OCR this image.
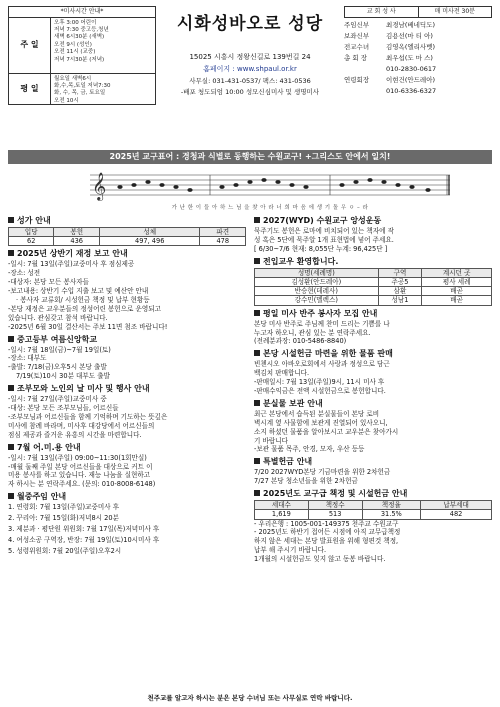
*미사시간 안내*
주 일
오후 3:00 어린이
저녁 7:30 중고등,청년
새벽 6시30분 (새벽)
오전 9시 (성인)
오전 11시 (교중)
저녁 7시30분 (저녁)
평 일
월요일 새벽6시
화,수,목,토일 저녁7:30
화, 수, 목, 금, 토요일
오전 10시
시화성바오로 성당
15025 시흥시 정왕신길로 139번길 24
홈페이지 : www.shpaul.or.kr
사무실: 031-431-0537/ 팩스: 431-0536
-배포 청도되엄 10:00 성모신심미사 및 생명미사
교 회 성 사	매 미사전 30분
주임신부	최경남(베네딕도)
보좌신부	김용선(마 티 아)
전교수녀	김영옥(엘리사벳)
총 회 장	최우섭(도 마 스)
010-2830-0617
연령회장	이현건(안드레아)
010-6336-6327
2025년 교구표어 : 경청과 식별로 동행하는 수원교구! +그리스도 안에서 일치!
𝄞
가 난 한 이 들 아 하 느 님 을 찾 아 라 너 희 마 음 에 생 기 돌 우 ㅇ – 라
성가 안내
입당	봉헌	성체	파견
62	436	497, 496	478
2025년 상반기 재정 보고 안내
-일시: 7월 13일(주일)교중미사 후 점심제공
-장소: 성전
-대상자: 본당 모든 봉사자들
-보고내용: 상반기 수입 지출 보고 및 예산안 안내
· 봉사자 교류회/ 시성헌금 책정 및 납부 현황등
-본당 재정은 교우분들의 정성어린 봉헌으로 운영되고
있습니다. 관심갖고 참석 바랍니다.
-2025년 6월 30일 결산서는 주보 11면 첨조 바랍니다!
중고등부 여름신앙학교
-일시: 7월 18일(금)~7월 19일(토)
-장소: 대부도
-출발: 7/18(금)오후5시 본당 출발
7/19(토)10시 30분 대부도 출발
조부모와 노인의 날 미사 및 행사 안내
-일시: 7월 27일(주일)교중미사 중
-대상: 본당 모든 조부모님들, 어르신들
-조부모님과 어르신들을 함께 기억하며 기도하는 뜻깊은
미사에 참례 바라며, 미사후 대강당에서 어르신들의
점심 제공과 즐거운 유흥의 시간을 마련합니다.
7월 어.미.용 안내
-일시: 7월 13일(주일) 09:00~11:30(1회만실)
-매월 둘째 주일 본당 어르신들을 대상으로 커트 이
미용 봉사를 하고 있습니다. 재능 나눔을 실현하고
자 하시는 분 연락주세요. (문의: 010-8008-6148)
월중주임 안내
1. 연령회: 7월 13일(주일)교중미사 후
2. 꾸리아: 7월 15일(화)저녁8시 20분
3. 제분과 · 평단원 위원회: 7월 17일(목)저녁미사 후
4. 여성소공 구역장, 반장: 7월 19일(토)10시미사 후
5. 성령위원회: 7월 20일(주일)오후2시
2027(WYD) 수원교구 앙성운동
묵주기도 봉헌은 로마에 비치되어 있는 책자에 작
성 혹은 5단에 묵주알 1개 표현법에 넣어 주세요.
[ 6/30~7/6 현재: 8,055단 누계: 96,425단 ]
전입교우 환영합니다.
성명(세례명)	구역	계시던 곳
김성환(안드레아)	주공5	평사 세례
반승현(데레사)	삼환	배곧
강수민(멜렉스)	성남1	배곧
평일 미사 반주 봉사자 모집 안내
본당 미사 반주로 주님께 찬미 드리는 기쁨를 나
누고자 하오니, 관심 있는 분 연락주세요.
(전례분과장: 010-5486-8840)
본당 시설헌금 마련을 위한 물품 판매
빈첸시오 아바오로회에서 사랑과 정성으로 담근
백김치 판매합니다.
-판매일시: 7월 13일(주일)9시, 11시 미사 후
-판매수익금은 전액 시설헌금으로 봉헌합니다.
분실물 보관 안내
최근 본당에서 습득된 분실물들이 본당 로비
벽시계 옆 사물함에 보관게 진열되어 있사오니,
소지 하셨던 물품을 알아보시고 교우분은 찾아가시
기 바랍니다
-보관 물품 목주, 안경, 모자, 우산 등등
특별헌금 안내
7/20 2027WYD본당 기금마련을 위한 2차헌금
7/27 본당 청소년들을 위한 2차헌금
2025년도 교구급 책정 및 시설헌금 안내
세대수	책정수	책정율	납부세대
1,619	513	31.5%	482
- 우리은행 : 1005-001-149375 천주교 수원교구
- 2025년도 하반기 접어든 시점에 아직 교무급책정
하지 않은 세대는 본당 발표원을 위해 형편것 책정,
납부 해 주시기 바랍니다.
1개월의 시설헌금도 잊지 않고 동봉 바랍니다.
천주교를 알고자 하시는 분은 본당 수녀님 또는 사무실로 연락 바랍니다.
